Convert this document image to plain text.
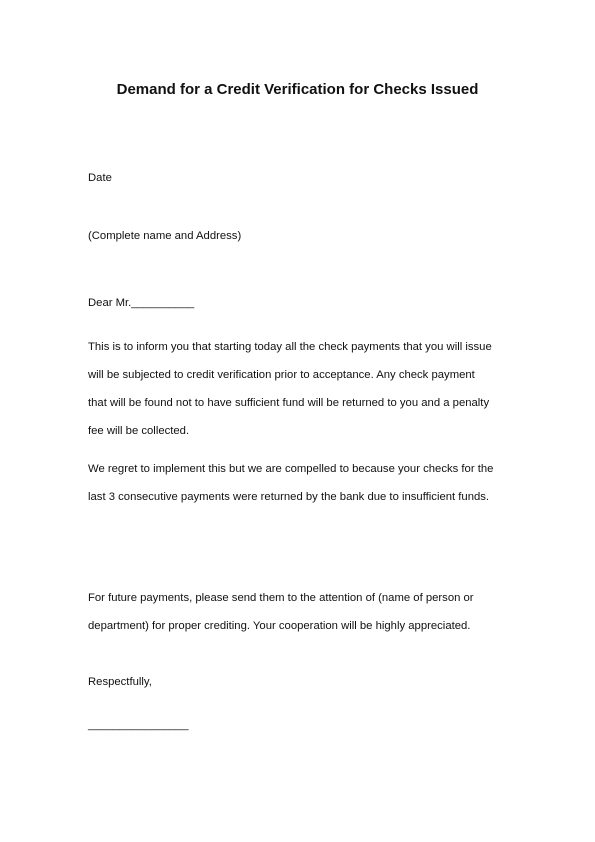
Demand for a Credit Verification for Checks Issued

Date

(Complete name and Address)

Dear Mr.__________

This is to inform you that starting today all the check payments that you will issue

will be subjected to credit verification prior to acceptance. Any check payment

that will be found not to have sufficient fund will be returned to you and a penalty

fee will be collected.

We regret to implement this but we are compelled to because your checks for the

last 3 consecutive payments were returned by the bank due to insufficient funds.

For future payments, please send them to the attention of (name of person or

department) for proper crediting. Your cooperation will be highly appreciated.

Respectfully,

________________
